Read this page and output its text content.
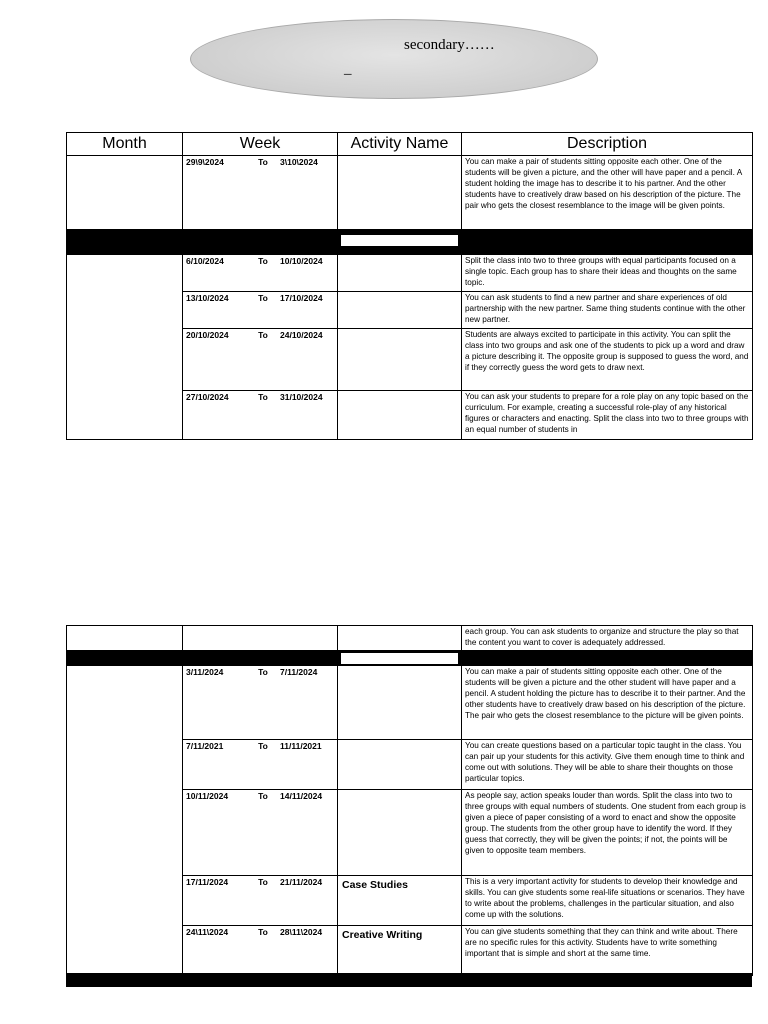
secondary……
_
Month	Week	Activity Name	Description
	29\9\2024 To 3\10\2024		You can make a pair of students sitting opposite each other. One of the students will be given a picture, and the other will have paper and a pencil. A student holding the image has to describe it to his partner. And the other students have to creatively draw based on his description of the picture. The pair who gets the closest resemblance to the image will be given points.

	6/10/2024 To 10/10/2024		Split the class into two to three groups with equal participants focused on a single topic. Each group has to share their ideas and thoughts on the same topic.
	13/10/2024 To 17/10/2024		You can ask students to find a new partner and share experiences of old partnership with the new partner. Same thing students continue with the other new partner.
	20/10/2024 To 24/10/2024		Students are always excited to participate in this activity. You can split the class into two groups and ask one of the students to pick up a word and draw a picture describing it. The opposite group is supposed to guess the word, and if they correctly guess the word gets to draw next.
	27/10/2024 To 31/10/2024		You can ask your students to prepare for a role play on any topic based on the curriculum. For example, creating a successful role-play of any historical figures or characters and enacting. Split the class into two to three groups with an equal number of students in
			each group. You can ask students to organize and structure the play so that the content you want to cover is adequately addressed.

	3/11/2024 To 7/11/2024		You can make a pair of students sitting opposite each other. One of the students will be given a picture and the other student will have paper and a pencil. A student holding the picture has to describe it to their partner. And the other students have to creatively draw based on his description of the picture. The pair who gets the closest resemblance to the picture will be given points.
	7/11/2021 To 11/11/2021		You can create questions based on a particular topic taught in the class. You can pair up your students for this activity. Give them enough time to think and come out with solutions. They will be able to share their thoughts on those particular topics.
	10/11/2024 To 14/11/2024		As people say, action speaks louder than words. Split the class into two to three groups with equal numbers of students. One student from each group is given a piece of paper consisting of a word to enact and show the opposite group. The students from the other group have to identify the word. If they guess that correctly, they will be given the points; if not, the points will be given to opposite team members.
	17/11/2024 To 21/11/2024	Case Studies	This is a very important activity for students to develop their knowledge and skills. You can give students some real-life situations or scenarios. They have to write about the problems, challenges in the particular situation, and also come up with the solutions.
	24\11\2024 To 28\11\2024	Creative Writing	You can give students something that they can think and write about. There are no specific rules for this activity. Students have to write something important that is simple and short at the same time.
